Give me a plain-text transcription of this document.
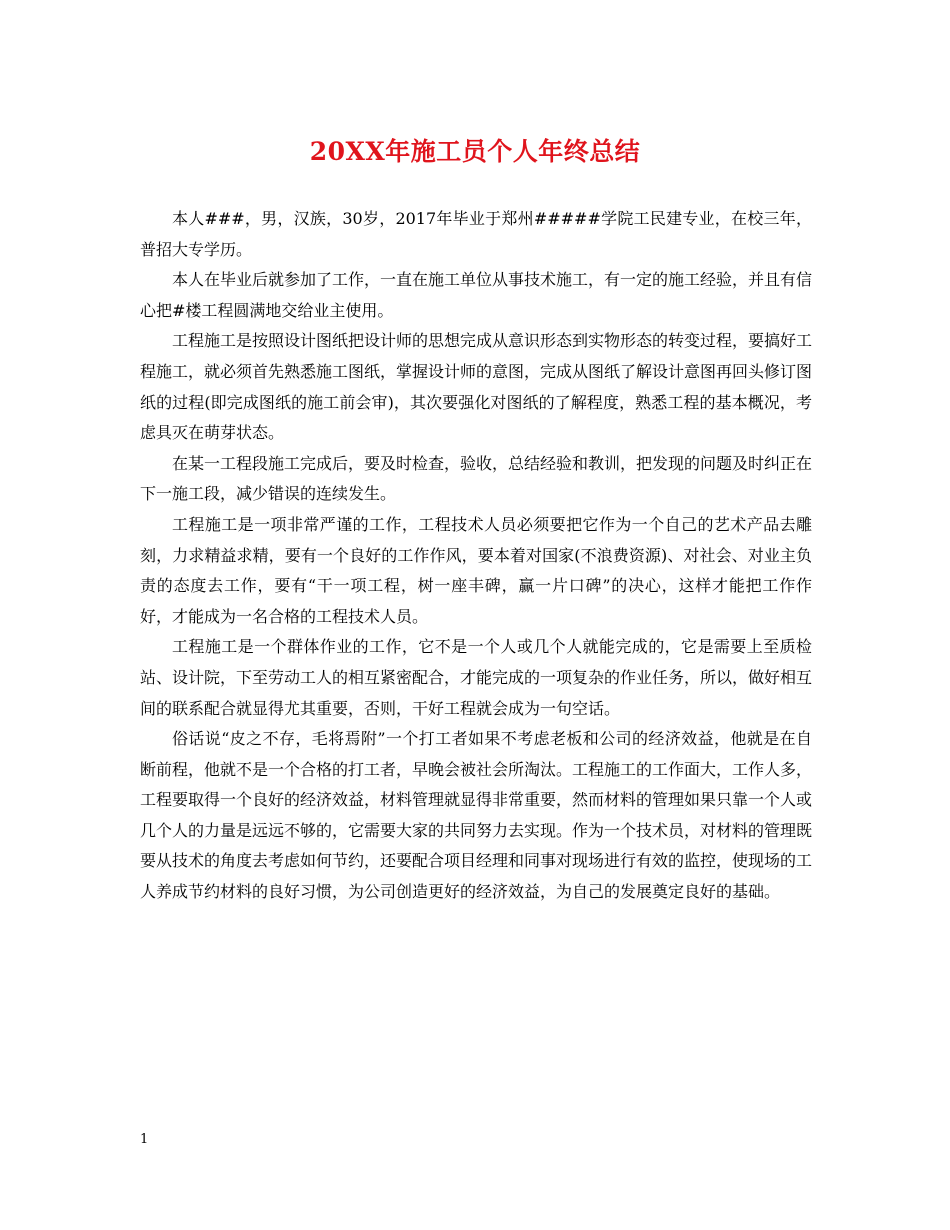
20XX年施工员个人年终总结

本人###，男，汉族，30岁，2017年毕业于郑州#####学院工民建专业，在校三年，普招大专学历。

本人在毕业后就参加了工作，一直在施工单位从事技术施工，有一定的施工经验，并且有信心把#楼工程圆满地交给业主使用。

工程施工是按照设计图纸把设计师的思想完成从意识形态到实物形态的转变过程，要搞好工程施工，就必须首先熟悉施工图纸，掌握设计师的意图，完成从图纸了解设计意图再回头修订图纸的过程(即完成图纸的施工前会审)，其次要强化对图纸的了解程度，熟悉工程的基本概况，考虑具灭在萌芽状态。

在某一工程段施工完成后，要及时检查，验收，总结经验和教训，把发现的问题及时纠正在下一施工段，减少错误的连续发生。

工程施工是一项非常严谨的工作，工程技术人员必须要把它作为一个自己的艺术产品去雕刻，力求精益求精，要有一个良好的工作作风，要本着对国家(不浪费资源)、对社会、对业主负责的态度去工作，要有“干一项工程，树一座丰碑，赢一片口碑”的决心，这样才能把工作作好，才能成为一名合格的工程技术人员。

工程施工是一个群体作业的工作，它不是一个人或几个人就能完成的，它是需要上至质检站、设计院，下至劳动工人的相互紧密配合，才能完成的一项复杂的作业任务，所以，做好相互间的联系配合就显得尤其重要，否则，干好工程就会成为一句空话。

俗话说“皮之不存，毛将焉附”一个打工者如果不考虑老板和公司的经济效益，他就是在自断前程，他就不是一个合格的打工者，早晚会被社会所淘汰。工程施工的工作面大，工作人多，工程要取得一个良好的经济效益，材料管理就显得非常重要，然而材料的管理如果只靠一个人或几个人的力量是远远不够的，它需要大家的共同努力去实现。作为一个技术员，对材料的管理既要从技术的角度去考虑如何节约，还要配合项目经理和同事对现场进行有效的监控，使现场的工人养成节约材料的良好习惯，为公司创造更好的经济效益，为自己的发展奠定良好的基础。

1
